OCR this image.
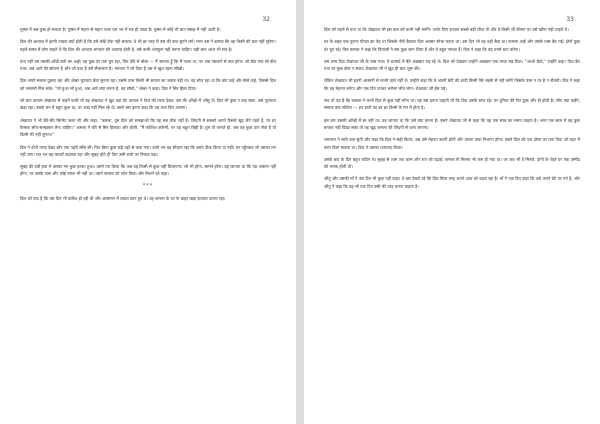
32

गुस्सा में सब कुछ हो सकता है। गुस्सा में महान से महान राजा पल भर में रंक हो जाता है। गुस्सा में कोई भी बात समझ में नहीं आती है।

दिल की आवाज़ में इतनी ताक़त क्यों होती है कि उसे कोई रोक नहीं सकता। वे भी हर तरह से उस की बात सुनने लगे। मगर उस ने बताया कि वह किसी की बात नहीं सुनेगा। पहले समय में लोग कहते थे कि दिल की आवाज़ भगवान की आवाज़ होती है, उसे कभी अनसुना नहीं करना चाहिए। यही बात आज भी सच है।

पता नहीं तब उसकी आँखें क्यों भर आईं। वह कुछ देर तक चुप रहा, फिर धीरे से बोला — मैं जानता हूँ कि मैं गलत था, पर अब पछताने से क्या होगा। जो बीत गया सो बीत गया। अब आगे की सोचना है और जो बचा है उसे सँभालना है। भगवान ने जो दिया है उस में खुश रहना सीखो।

दिल अपने सवाल पूछता रहा और शेखर चुपचाप बैठा सुनता रहा। उसके पास किसी भी सवाल का जवाब नहीं था। वह सोच रहा था कि क्या कहे और कैसे कहे, जिससे दिल को तसल्ली मिल सके। "जो हुआ सो हुआ, अब आगे क्या करना है, वह सोचो," शेखर ने कहा। दिल ने सिर हिला दिया।

जो बात कमला शेखावत से कहने वाली थी वह शेखावत ने खुद कह दी। कमला ने दिल की तरफ देखा। उस की आँखों में आँसू थे। दिल भी कुछ न कह सका, बस चुपचाप खड़ा रहा। उसके मन में बहुत कुछ था, पर शब्द नहीं मिल रहे थे। उसने बस इतना कहा कि वह कल फिर आएगा।

शेखावत ने भी बैठे-बैठे सिगरेट जला ली और कहा, "कमला, तुम दिल को समझाओ कि यह सब ठीक नहीं है। जिंदगी में सबको अपने फ़ैसले खुद लेने पड़ते हैं, पर हर फ़ैसला सोच-समझकर लेना चाहिए।" कमला ने धीरे से सिर हिलाया और बोली, "मैं कोशिश करूँगी, पर वह बहुत ज़िद्दी है। तुम तो जानते हो, जब वह कुछ ठान लेता है तो किसी की नहीं सुनता।"

दिल ने दोनों तरफ़ देखा और एक गहरी साँस ली। फिर बिना कुछ कहे वहाँ से चला गया। रास्ते भर वह सोचता रहा कि उसने ठीक किया या नहीं। घर पहुँचकर भी उसका मन नहीं लगा। रात भर वह करवटें बदलता रहा और सुबह होते ही फिर उसी रास्ते पर निकल पड़ा।

सुबह की ठंडी हवा में उसका मन कुछ हल्का हुआ। उसने तय किया कि अब वह किसी से कुछ नहीं छिपाएगा। जो भी होगा, सामने होगा। वह जानता था कि यह आसान नहीं होगा, पर उसके पास और कोई रास्ता भी नहीं था। उसने कमला को फ़ोन किया और मिलने को कहा।

***

दिल को याद है कि उस दिन भी बारिश हो रही थी और आसमान में बादल छाए हुए थे। वह कमला के घर के बाहर खड़ा इंतज़ार करता रहा।

33

दिल को पहले से पता था कि शेखावत जी इस बात को कभी नहीं मानेंगे। उनके लिए इज़्ज़त सबसे बड़ी चीज़ थी और वे किसी भी कीमत पर उसे खोना नहीं चाहते थे।

घर के बाहर एक पुराना पीपल का पेड़ था जिसके नीचे बैठकर दिल अक्सर सोचा करता था। उस दिन भी वह वहीं बैठा था। कमला आई और उसके पास बैठ गई। दोनों कुछ देर चुप रहे। फिर कमला ने कहा कि पिताजी ने सब कुछ जान लिया है और वे बहुत नाराज़ हैं। दिल ने कहा कि वह उनसे बात करेगा।

उस शाम दिल शेखावत जी के पास गया। वे बरामदे में बैठे अख़बार पढ़ रहे थे। दिल को देखकर उन्होंने अख़बार एक तरफ़ रख दिया। "आओ बैठो," उन्होंने कहा। दिल बैठ गया पर कुछ बोल न सका। शेखावत जी ने खुद ही बात शुरू की।

लेकिन शेखावत जी इतनी आसानी से मानने वाले नहीं थे। उन्होंने कहा कि वे अपनी बेटी की शादी किसी ऐसे लड़के से नहीं करेंगे जिसके पास न घर है न नौकरी। दिल ने कहा कि वह मेहनत करेगा और एक दिन उनका भरोसा जीत लेगा। शेखावत जी हँस पड़े।

सच तो यह है कि कमला ने कभी दिल से कुछ नहीं माँगा था। वह बस इतना चाहती थी कि दिल उसके साथ रहे। पर दुनिया की रीत कुछ और ही होती है। लोग क्या कहेंगे, समाज क्या सोचेगा — इन बातों का डर हर किसी के मन में होता है।

इस बार उसकी आँखों में डर नहीं था। वह जानता था कि उसे क्या करना है। उसने शेखावत जी से कहा कि वह एक साल का समय चाहता है। अगर एक साल में वह कुछ बनकर नहीं दिखा सका तो वह खुद कमला की ज़िंदगी से चला जाएगा।

रामचरन ने सारी बात सुनी और कहा कि दिल ने सही किया। अब उसे मेहनत करनी होगी और अपना वादा निभाना होगा। उसने दिल को एक दोस्त का पता दिया जो शहर में काम दिला सकता था। दिल ने उसका धन्यवाद किया।

उसके बाद के दिन बहुत कठिन थे। सुबह से शाम तक काम और रात को पढ़ाई। कमला से मिलना भी कम हो गया था। पर जब भी वे मिलते, दोनों के चेहरे पर एक उम्मीद की चमक होती थी।

जीतू और उसकी माँ ने उस दिन भी कुछ नहीं कहा। वे बस देखते रहे कि दिल किस तरह अपने आप को बदल रहा है। माँ ने एक दिन कहा कि उसे अपने बेटे पर गर्व है, और जीतू ने कहा कि वह भी एक दिन उसी की तरह बनना चाहता है।
